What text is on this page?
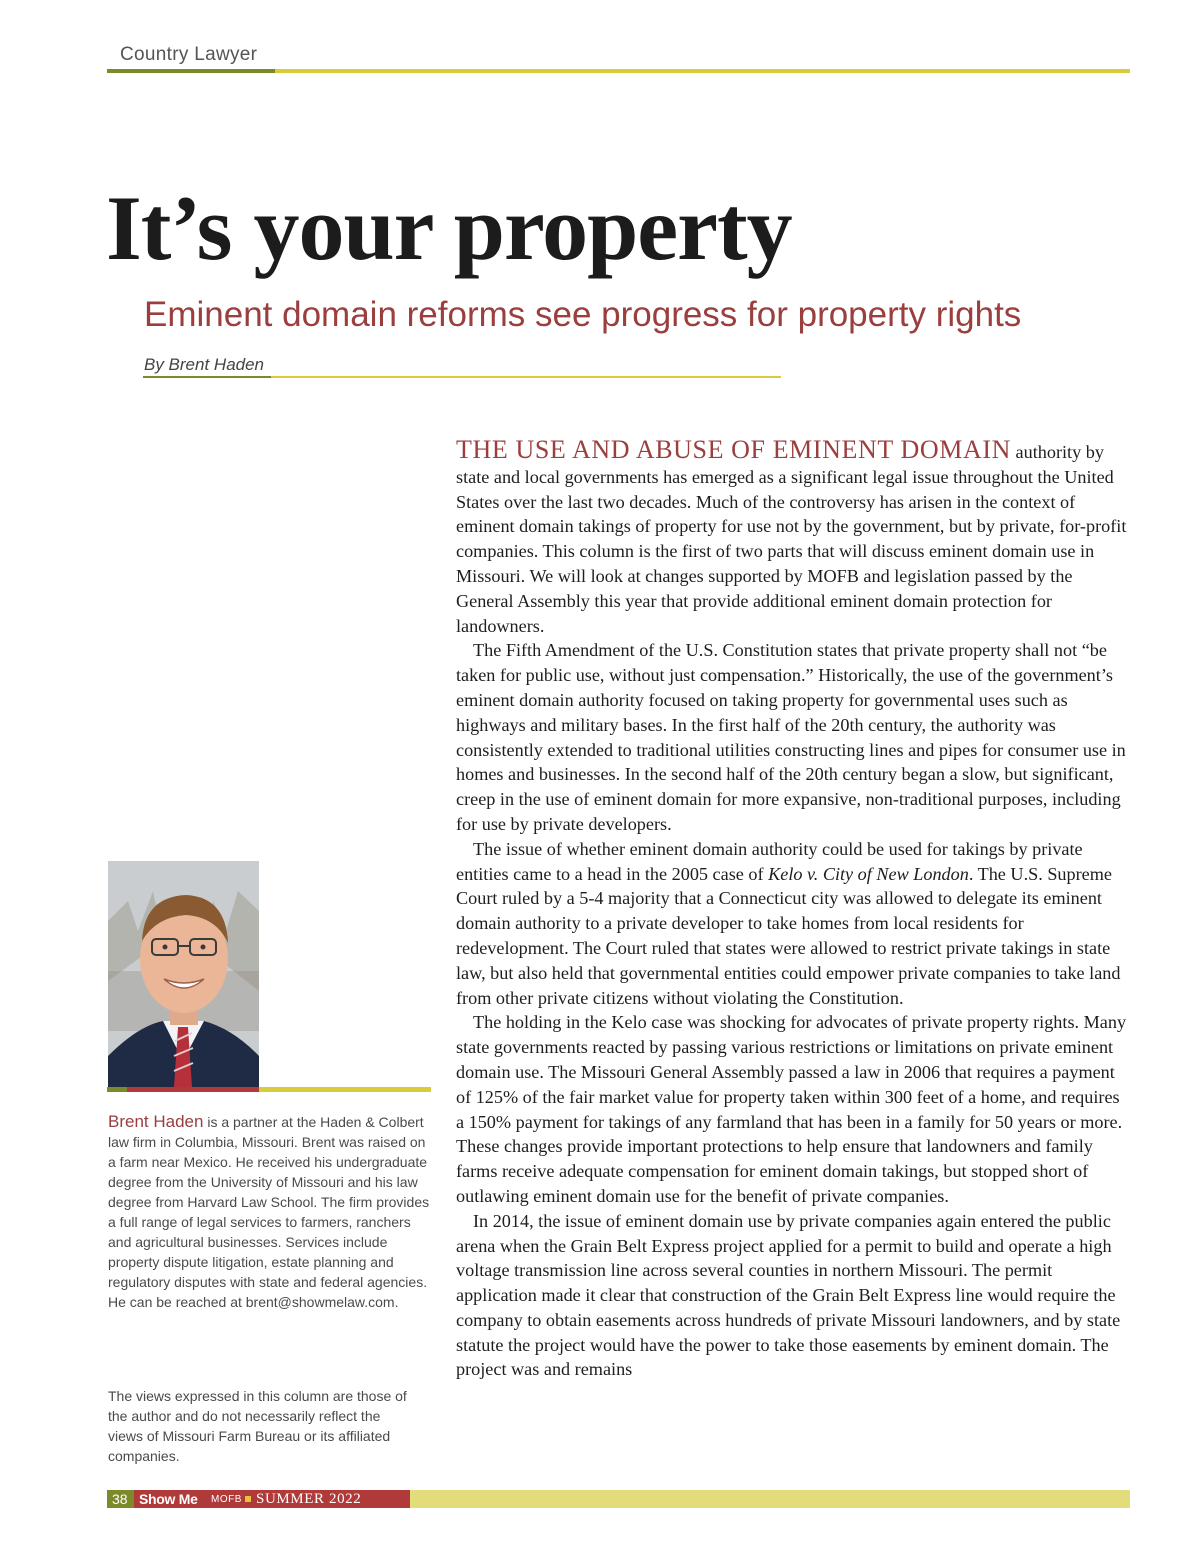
Country Lawyer
It’s your property
Eminent domain reforms see progress for property rights
By Brent Haden
Brent Haden is a partner at the Haden & Colbert law firm in Columbia, Missouri. Brent was raised on a farm near Mexico. He received his undergraduate degree from the University of Missouri and his law degree from Harvard Law School. The firm provides a full range of legal services to farmers, ranchers and agricultural businesses. Services include property dispute litigation, estate planning and regulatory disputes with state and federal agencies. He can be reached at brent@showmelaw.com.
The views expressed in this column are those of the author and do not necessarily reflect the views of Missouri Farm Bureau or its affiliated companies.

THE USE AND ABUSE OF EMINENT DOMAIN authority by state and local governments has emerged as a significant legal issue throughout the United States over the last two decades. Much of the controversy has arisen in the context of eminent domain takings of property for use not by the government, but by private, for-profit companies. This column is the first of two parts that will discuss eminent domain use in Missouri. We will look at changes supported by MOFB and legislation passed by the General Assembly this year that provide additional eminent domain protection for landowners.

The Fifth Amendment of the U.S. Constitution states that private property shall not “be taken for public use, without just compensation.” Historically, the use of the government’s eminent domain authority focused on taking property for governmental uses such as highways and military bases. In the first half of the 20th century, the authority was consistently extended to traditional utilities constructing lines and pipes for consumer use in homes and businesses. In the second half of the 20th century began a slow, but significant, creep in the use of eminent domain for more expansive, non-traditional purposes, including for use by private developers.

The issue of whether eminent domain authority could be used for takings by private entities came to a head in the 2005 case of Kelo v. City of New London. The U.S. Supreme Court ruled by a 5-4 majority that a Connecticut city was allowed to delegate its eminent domain authority to a private developer to take homes from local residents for redevelopment. The Court ruled that states were allowed to restrict private takings in state law, but also held that governmental entities could empower private companies to take land from other private citizens without violating the Constitution.

The holding in the Kelo case was shocking for advocates of private property rights. Many state governments reacted by passing various restrictions or limitations on private eminent domain use. The Missouri General Assembly passed a law in 2006 that requires a payment of 125% of the fair market value for property taken within 300 feet of a home, and requires a 150% payment for takings of any farmland that has been in a family for 50 years or more. These changes provide important protections to help ensure that landowners and family farms receive adequate compensation for eminent domain takings, but stopped short of outlawing eminent domain use for the benefit of private companies.

In 2014, the issue of eminent domain use by private companies again entered the public arena when the Grain Belt Express project applied for a permit to build and operate a high voltage transmission line across several counties in northern Missouri. The permit application made it clear that construction of the Grain Belt Express line would require the company to obtain easements across hundreds of private Missouri landowners, and by state statute the project would have the power to take those easements by eminent domain. The project was and remains

38 Show Me MOFB SUMMER 2022
